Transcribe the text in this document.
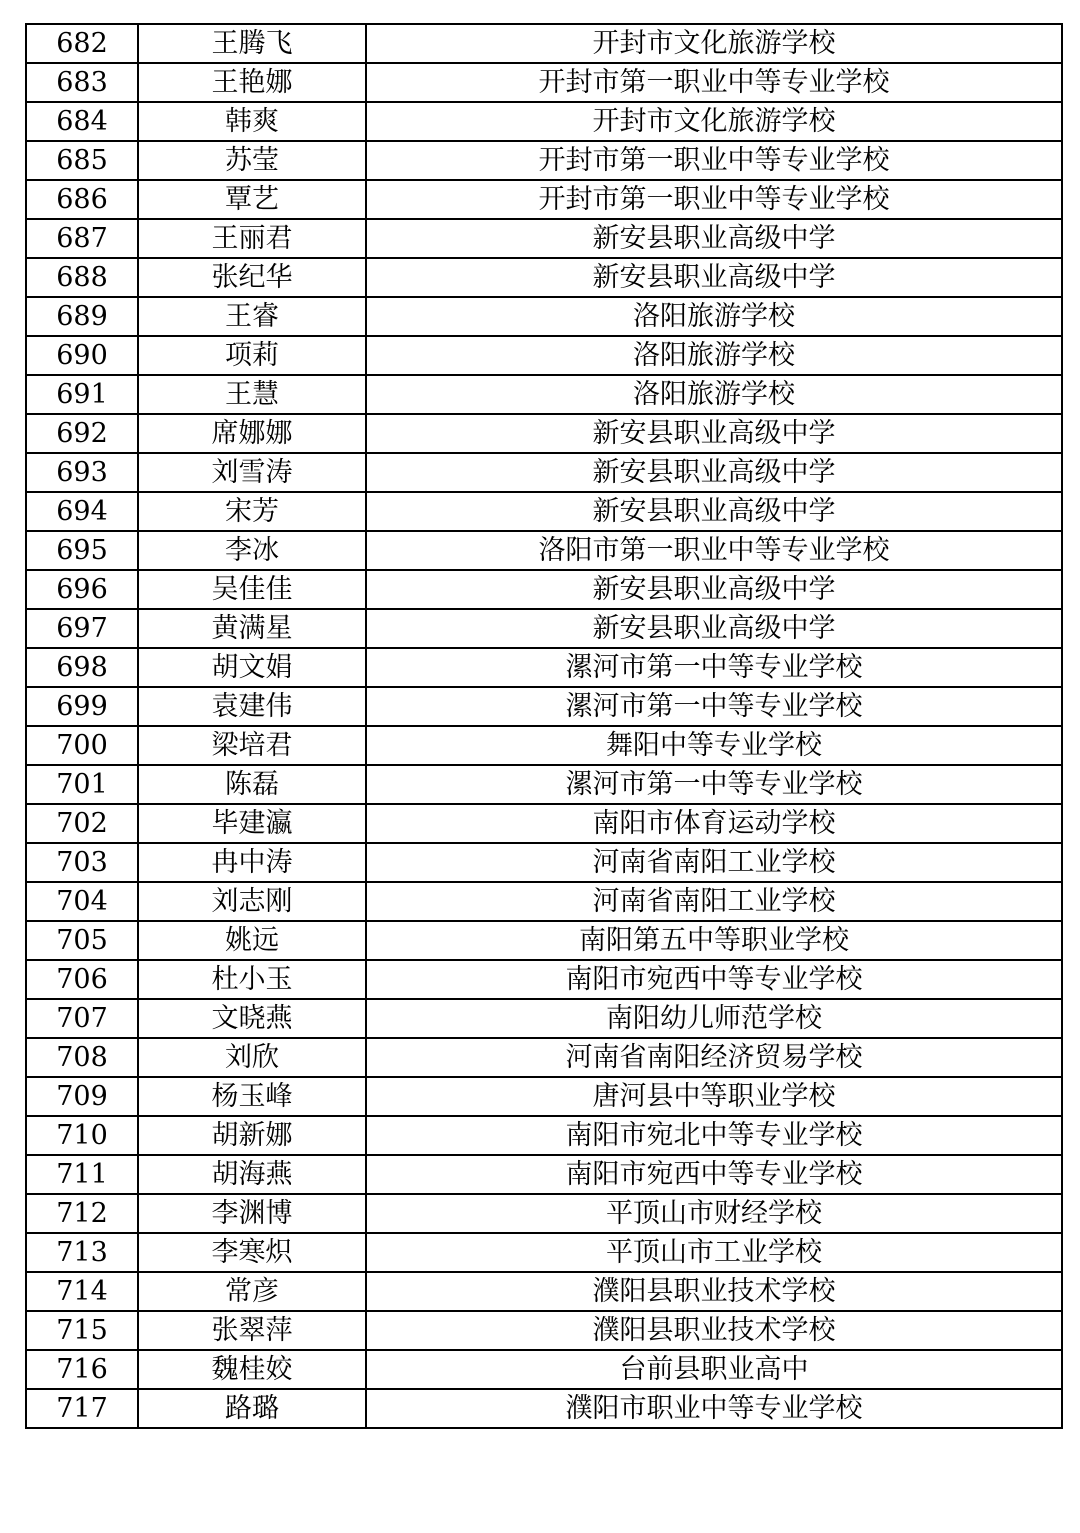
682	王腾飞	开封市文化旅游学校
683	王艳娜	开封市第一职业中等专业学校
684	韩爽	开封市文化旅游学校
685	苏莹	开封市第一职业中等专业学校
686	覃艺	开封市第一职业中等专业学校
687	王丽君	新安县职业高级中学
688	张纪华	新安县职业高级中学
689	王睿	洛阳旅游学校
690	项莉	洛阳旅游学校
691	王慧	洛阳旅游学校
692	席娜娜	新安县职业高级中学
693	刘雪涛	新安县职业高级中学
694	宋芳	新安县职业高级中学
695	李冰	洛阳市第一职业中等专业学校
696	吴佳佳	新安县职业高级中学
697	黄满星	新安县职业高级中学
698	胡文娟	漯河市第一中等专业学校
699	袁建伟	漯河市第一中等专业学校
700	梁培君	舞阳中等专业学校
701	陈磊	漯河市第一中等专业学校
702	毕建瀛	南阳市体育运动学校
703	冉中涛	河南省南阳工业学校
704	刘志刚	河南省南阳工业学校
705	姚远	南阳第五中等职业学校
706	杜小玉	南阳市宛西中等专业学校
707	文晓燕	南阳幼儿师范学校
708	刘欣	河南省南阳经济贸易学校
709	杨玉峰	唐河县中等职业学校
710	胡新娜	南阳市宛北中等专业学校
711	胡海燕	南阳市宛西中等专业学校
712	李渊博	平顶山市财经学校
713	李寒炽	平顶山市工业学校
714	常彦	濮阳县职业技术学校
715	张翠萍	濮阳县职业技术学校
716	魏桂姣	台前县职业高中
717	路璐	濮阳市职业中等专业学校
